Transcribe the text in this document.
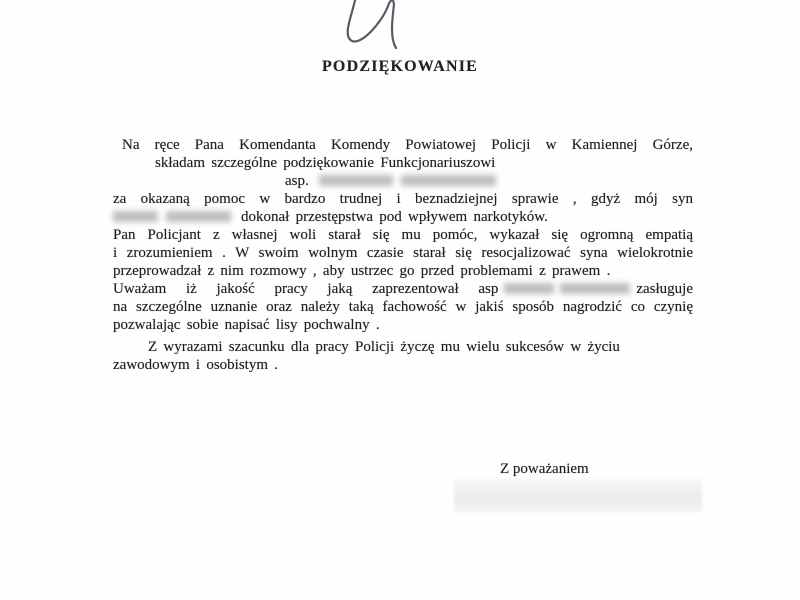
PODZIĘKOWANIE
Na ręce Pana Komendanta Komendy Powiatowej Policji w Kamiennej Górze,
składam szczególne podziękowanie Funkcjonariuszowi
asp.
za okazaną pomoc w bardzo trudnej i beznadziejnej sprawie , gdyż mój syn
dokonał przestępstwa pod wpływem narkotyków.
Pan Policjant z własnej woli starał się mu pomóc, wykazał się ogromną empatią
i zrozumieniem . W swoim wolnym czasie starał się resocjalizować syna wielokrotnie
przeprowadzał z nim rozmowy , aby ustrzec go przed problemami z prawem .
Uważam iż jakość pracy jaką zaprezentował asp	zasługuje
na szczególne uznanie oraz należy taką fachowość w jakiś sposób nagrodzić co czynię
pozwalając sobie napisać lisy pochwalny .
Z wyrazami szacunku dla pracy Policji życzę mu wielu sukcesów w życiu
zawodowym i osobistym .
Z poważaniem
